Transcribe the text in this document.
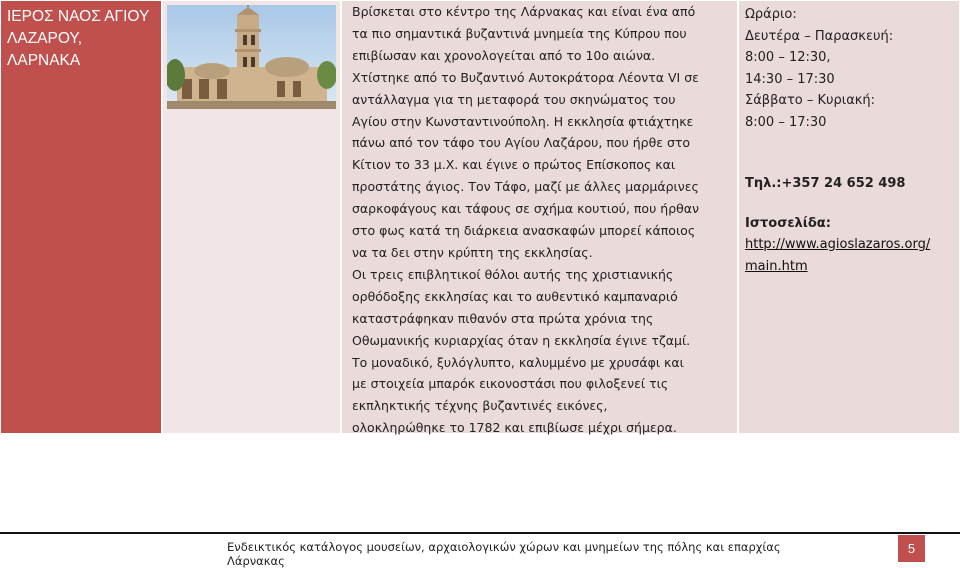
ΙΕΡΟΣ ΝΑΟΣ ΑΓΙΟΥ ΛΑΖΑΡΟΥ, ΛΑΡΝΑΚΑ
Βρίσκεται στο κέντρο της Λάρνακας και είναι ένα από
τα πιο σημαντικά βυζαντινά μνημεία της Κύπρου που
επιβίωσαν και χρονολογείται από το 10ο αιώνα.
Χτίστηκε από το Βυζαντινό Αυτοκράτορα Λέοντα VI σε
αντάλλαγμα για τη μεταφορά του σκηνώματος του
Αγίου στην Κωνσταντινούπολη. Η εκκλησία φτιάχτηκε
πάνω από τον τάφο του Αγίου Λαζάρου, που ήρθε στο
Κίτιον το 33 μ.Χ. και έγινε ο πρώτος Επίσκοπος και
προστάτης άγιος. Τον Τάφο, μαζί με άλλες μαρμάρινες
σαρκοφάγους και τάφους σε σχήμα κουτιού, που ήρθαν
στο φως κατά τη διάρκεια ανασκαφών μπορεί κάποιος
να τα δει στην κρύπτη της εκκλησίας.
Οι τρεις επιβλητικοί θόλοι αυτής της χριστιανικής
ορθόδοξης εκκλησίας και το αυθεντικό καμπαναριό
καταστράφηκαν πιθανόν στα πρώτα χρόνια της
Οθωμανικής κυριαρχίας όταν η εκκλησία έγινε τζαμί.
Το μοναδικό, ξυλόγλυπτο, καλυμμένο με χρυσάφι και
με στοιχεία μπαρόκ εικονοστάσι που φιλοξενεί τις
εκπληκτικής τέχνης βυζαντινές εικόνες,
ολοκληρώθηκε το 1782 και επιβίωσε μέχρι σήμερα.
Ωράριο:
Δευτέρα – Παρασκευή:
8:00 – 12:30,
14:30 – 17:30
Σάββατο – Κυριακή:
8:00 – 17:30
Τηλ.:+357 24 652 498
Ιστοσελίδα:
http://www.agioslazaros.org/main.htm
Ενδεικτικός κατάλογος μουσείων, αρχαιολογικών χώρων και μνημείων της πόλης και επαρχίας Λάρνακας
5
